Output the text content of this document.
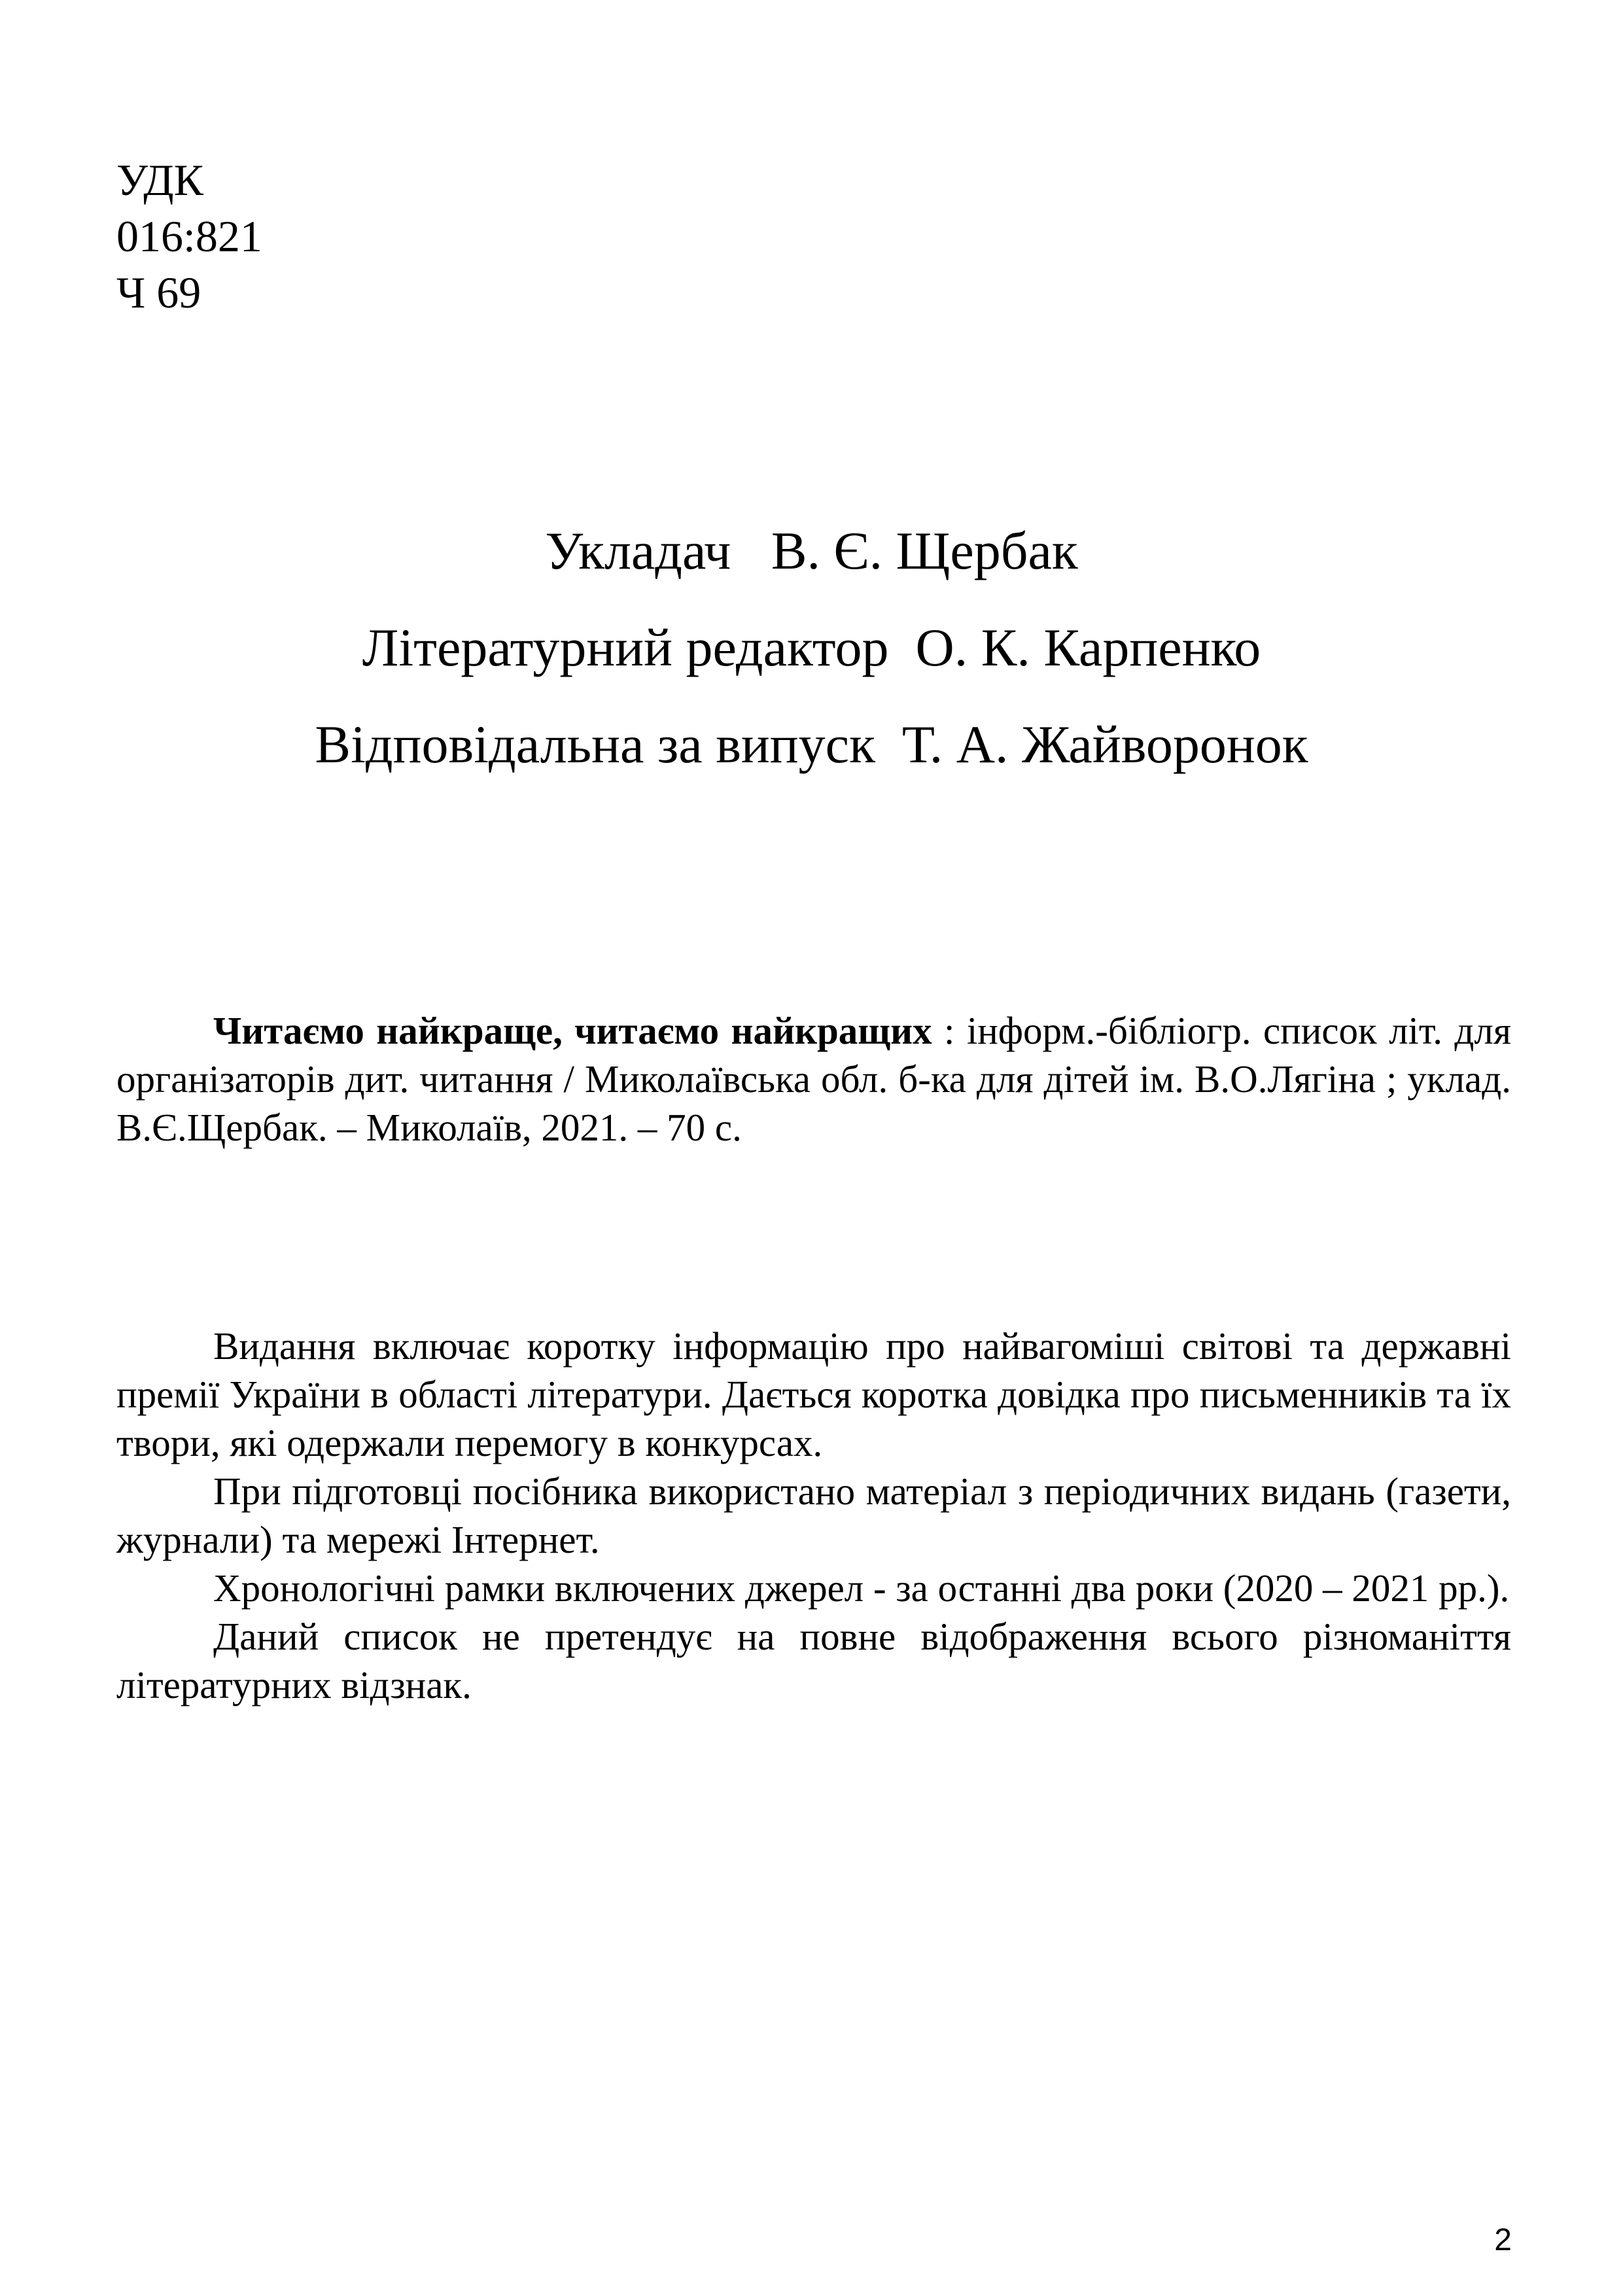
УДК
016:821
Ч 69
Укладач   В. Є. Щербак
Літературний редактор  О. К. Карпенко
Відповідальна за випуск  Т. А. Жайворонок

Читаємо найкраще, читаємо найкращих : інформ.-бібліогр. список літ. для організаторів дит. читання / Миколаївська обл. б-ка для дітей ім. В.О.Лягіна ; уклад. В.Є.Щербак. – Миколаїв, 2021. – 70 с.

Видання включає коротку інформацію про найвагоміші світові та державні премії України в області літератури. Дається коротка довідка про письменників та їх твори, які одержали перемогу в конкурсах.

При підготовці посібника використано матеріал з періодичних видань (газети, журнали) та мережі Інтернет.

Хронологічні рамки включених джерел - за останні два роки (2020 – 2021 рр.).

Даний список не претендує на повне відображення всього різноманіття літературних відзнак.

2
